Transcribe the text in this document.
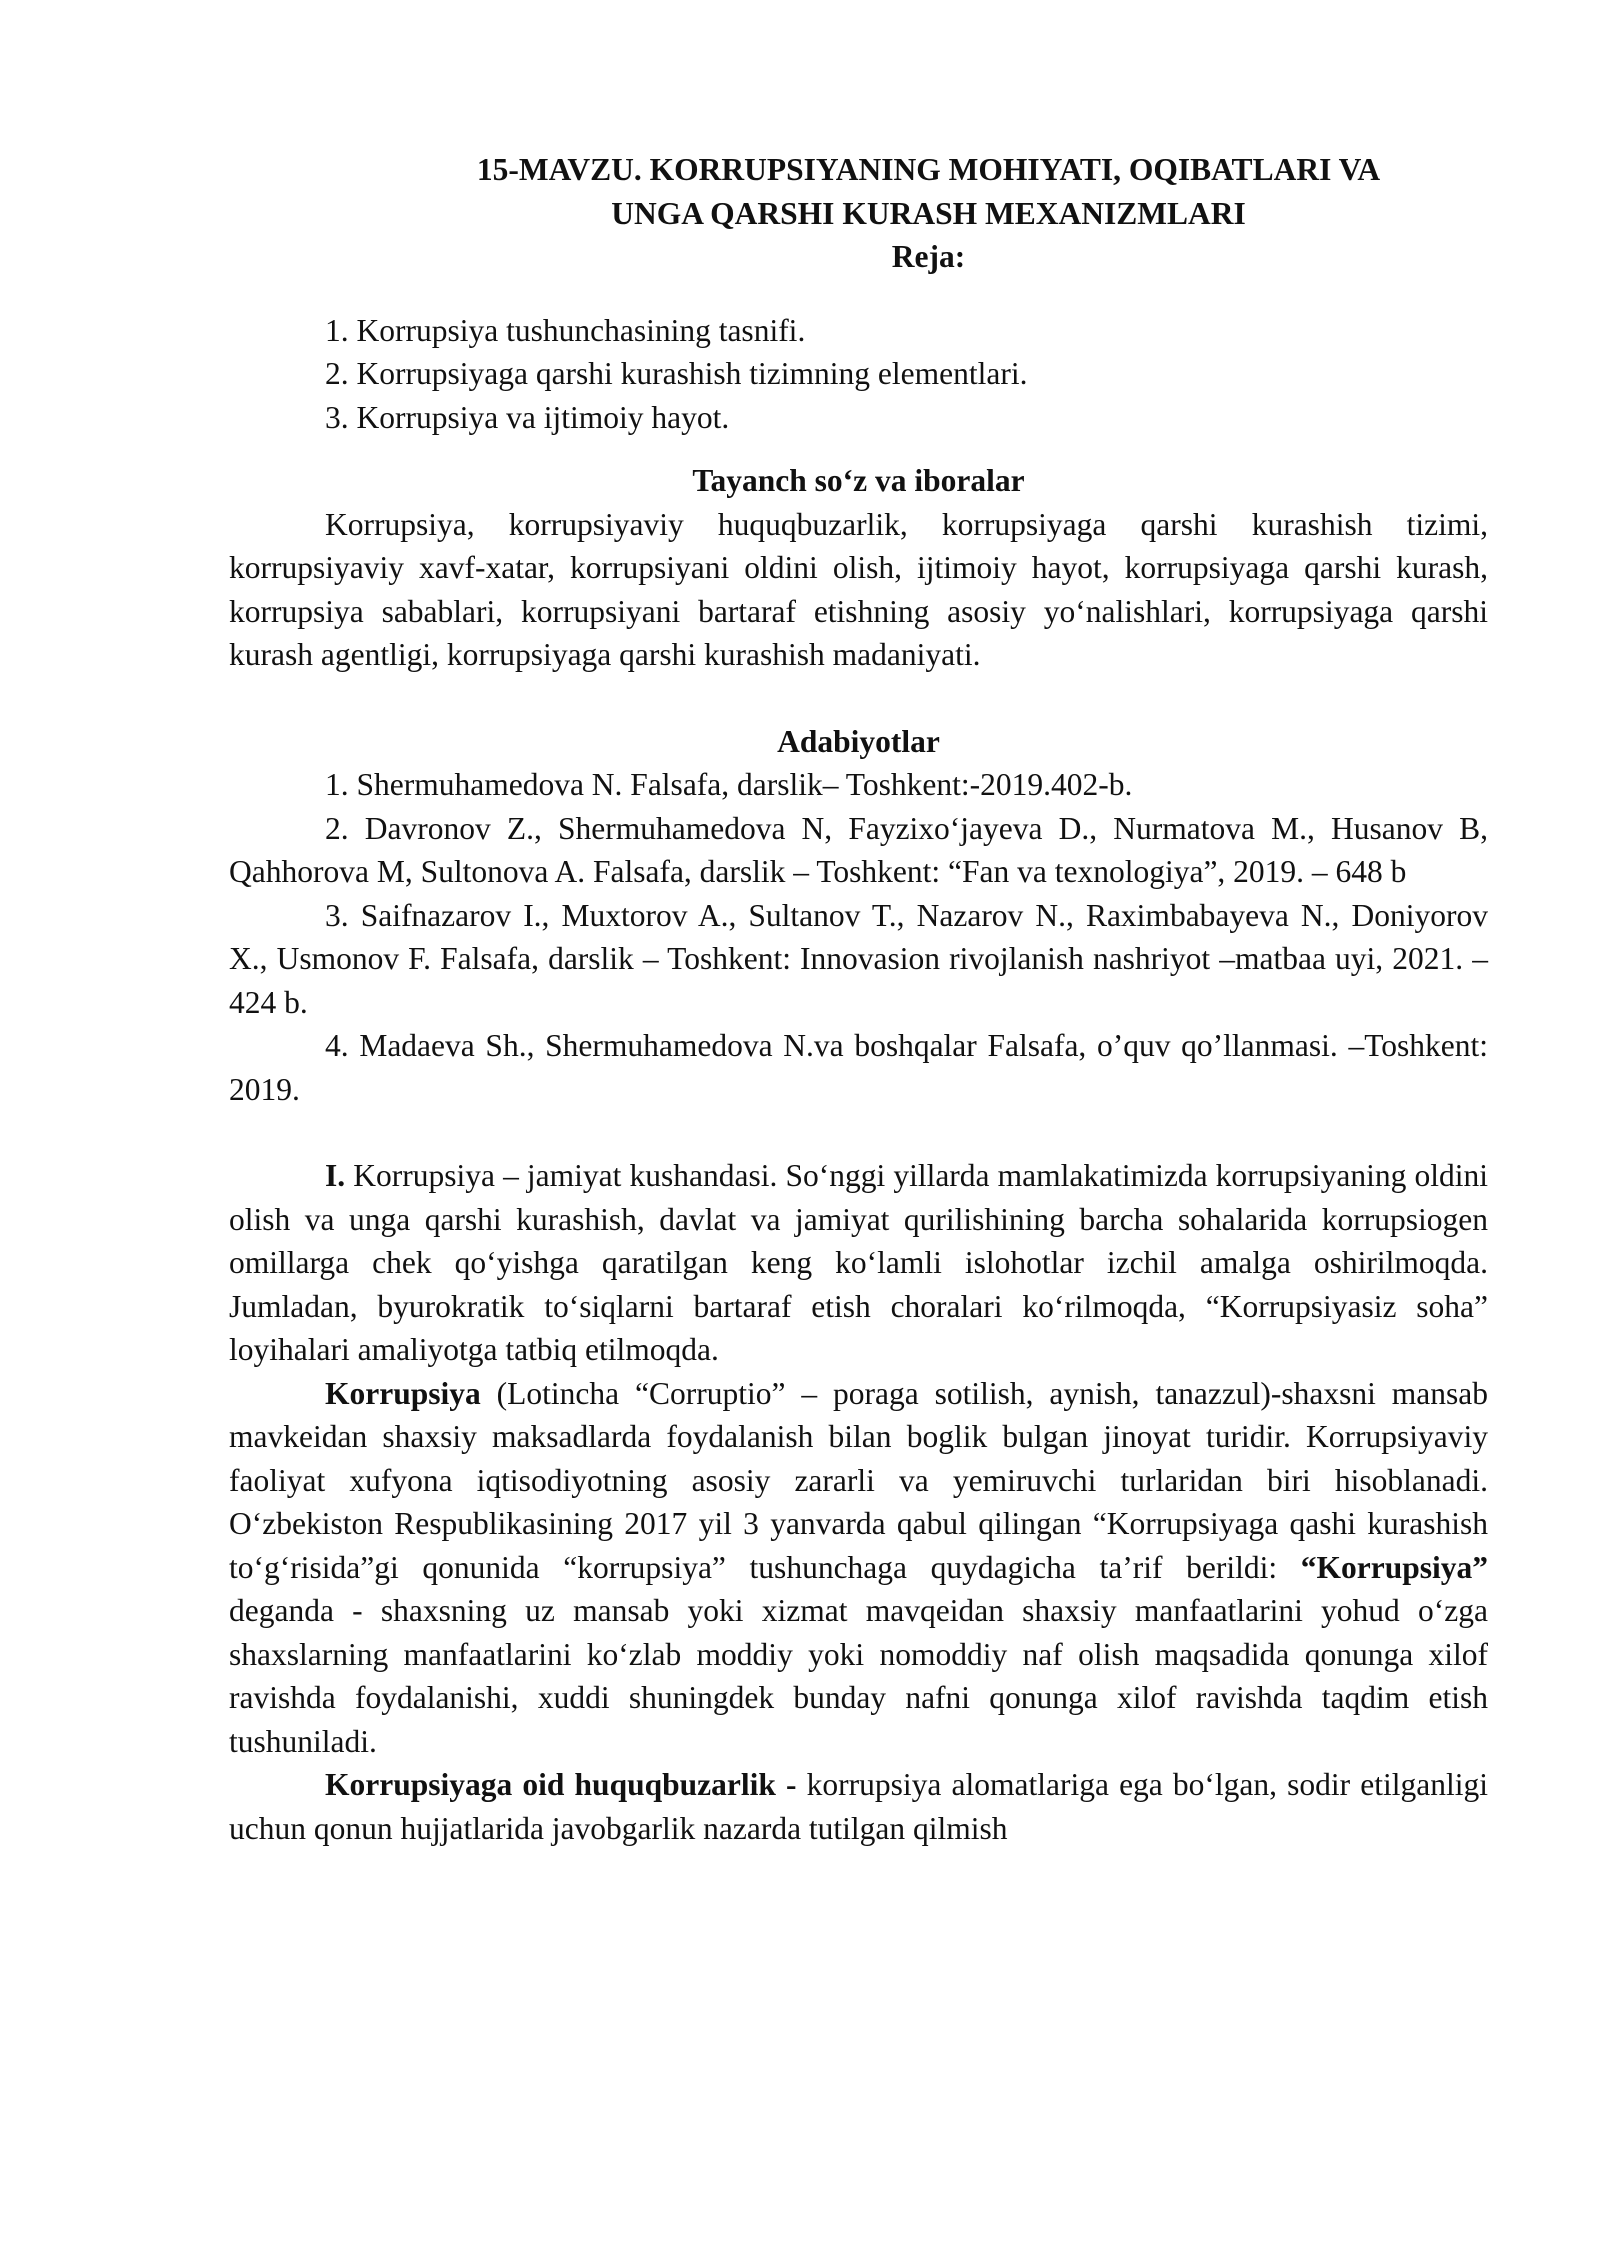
15-MAVZU. KORRUPSIYANING MOHIYATI, OQIBATLARI VA
UNGA QARSHI KURASH MEXANIZMLARI

Reja:

1. Korrupsiya tushunchasining tasnifi.
2. Korrupsiyaga qarshi kurashish tizimning elementlari.
3. Korrupsiya va ijtimoiy hayot.

Tayanch so‘z va iboralar

Korrupsiya, korrupsiyaviy huquqbuzarlik, korrupsiyaga qarshi kurashish tizimi, korrupsiyaviy xavf-xatar, korrupsiyani oldini olish, ijtimoiy hayot, korrupsiyaga qarshi kurash, korrupsiya sabablari, korrupsiyani bartaraf etishning asosiy yo‘nalishlari, korrupsiyaga qarshi kurash agentligi, korrupsiyaga qarshi kurashish madaniyati.

Adabiyotlar

1. Shermuhamedova N. Falsafa, darslik– Toshkent:-2019.402-b.

2. Davronov Z., Shermuhamedova N, Fayzixo‘jayeva D., Nurmatova M., Husanov B, Qahhorova M, Sultonova A. Falsafa, darslik – Toshkent: “Fan va texnologiya”, 2019. – 648 b

3. Saifnazarov I., Muxtorov A., Sultanov T., Nazarov N., Raximbabayeva N., Doniyorov X., Usmonov F. Falsafa, darslik – Toshkent: Innovasion rivojlanish nashriyot –matbaa uyi, 2021. – 424 b.

4. Madaeva Sh., Shermuhamedova N.va boshqalar Falsafa, o’quv qo’llanmasi. –Toshkent: 2019.

I. Korrupsiya – jamiyat kushandasi. So‘nggi yillarda mamlakatimizda korrupsiyaning oldini olish va unga qarshi kurashish, davlat va jamiyat qurilishining barcha sohalarida korrupsiogen omillarga chek qo‘yishga qaratilgan keng ko‘lamli islohotlar izchil amalga oshirilmoqda. Jumladan, byurokratik to‘siqlarni bartaraf etish choralari ko‘rilmoqda, “Korrupsiyasiz soha” loyihalari amaliyotga tatbiq etilmoqda.

Korrupsiya (Lotincha “Corruptio” – poraga sotilish, aynish, tanazzul)-shaxsni mansab mavkeidan shaxsiy maksadlarda foydalanish bilan boglik bulgan jinoyat turidir. Korrupsiyaviy faoliyat xufyona iqtisodiyotning asosiy zararli va yemiruvchi turlaridan biri hisoblanadi. O‘zbekiston Respublikasining 2017 yil 3 yanvarda qabul qilingan “Korrupsiyaga qashi kurashish to‘g‘risida”gi qonunida “korrupsiya” tushunchaga quydagicha ta’rif berildi: “Korrupsiya” deganda - shaxsning uz mansab yoki xizmat mavqeidan shaxsiy manfaatlarini yohud o‘zga shaxslarning manfaatlarini ko‘zlab moddiy yoki nomoddiy naf olish maqsadida qonunga xilof ravishda foydalanishi, xuddi shuningdek bunday nafni qonunga xilof ravishda taqdim etish tushuniladi.

Korrupsiyaga oid huquqbuzarlik - korrupsiya alomatlariga ega bo‘lgan, sodir etilganligi uchun qonun hujjatlarida javobgarlik nazarda tutilgan qilmish
